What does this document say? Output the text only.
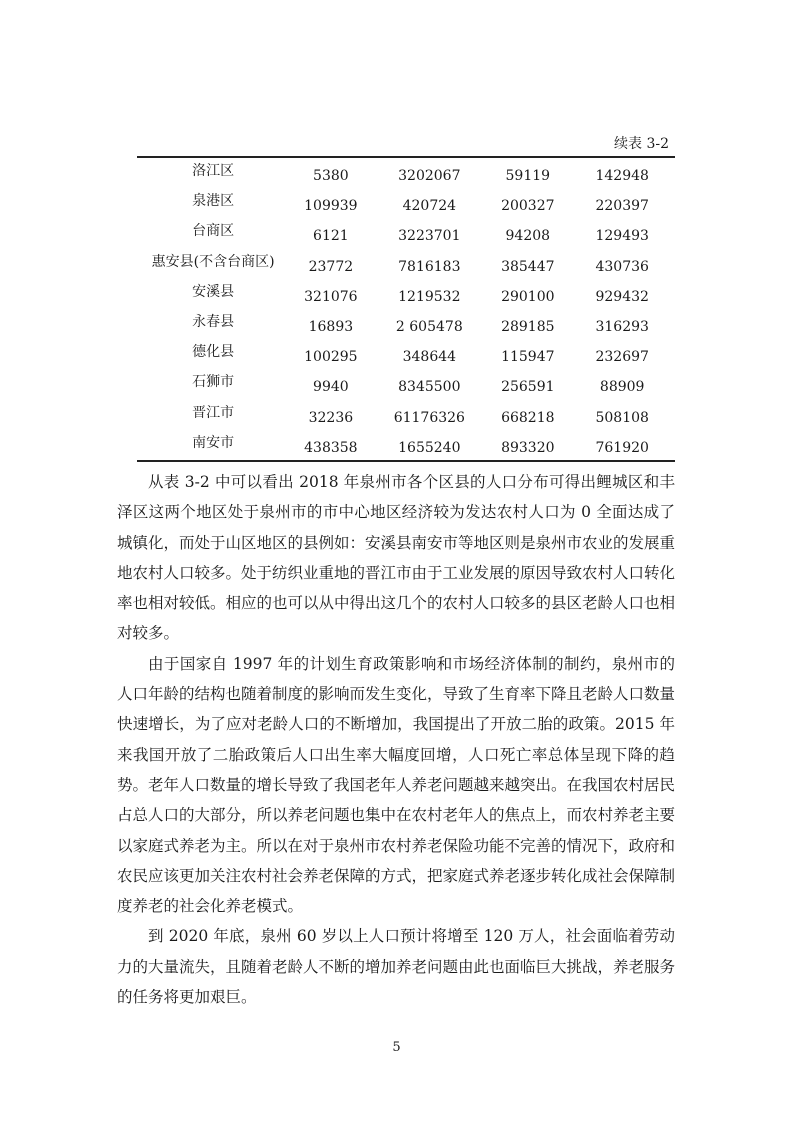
续表 3-2
洛江区	5380	3202067	59119	142948
泉港区	109939	420724	200327	220397
台商区	6121	3223701	94208	129493
惠安县(不含台商区)	23772	7816183	385447	430736
安溪县	321076	1219532	290100	929432
永春县	16893	2 605478	289185	316293
德化县	100295	348644	115947	232697
石狮市	9940	8345500	256591	88909
晋江市	32236	61176326	668218	508108
南安市	438358	1655240	893320	761920

从表 3-2 中可以看出 2018 年泉州市各个区县的人口分布可得出鲤城区和丰泽区这两个地区处于泉州市的市中心地区经济较为发达农村人口为 0 全面达成了城镇化，而处于山区地区的县例如：安溪县南安市等地区则是泉州市农业的发展重地农村人口较多。处于纺织业重地的晋江市由于工业发展的原因导致农村人口转化率也相对较低。相应的也可以从中得出这几个的农村人口较多的县区老龄人口也相对较多。

由于国家自 1997 年的计划生育政策影响和市场经济体制的制约，泉州市的人口年龄的结构也随着制度的影响而发生变化，导致了生育率下降且老龄人口数量快速增长，为了应对老龄人口的不断增加，我国提出了开放二胎的政策。2015 年来我国开放了二胎政策后人口出生率大幅度回增，人口死亡率总体呈现下降的趋势。老年人口数量的增长导致了我国老年人养老问题越来越突出。在我国农村居民占总人口的大部分，所以养老问题也集中在农村老年人的焦点上，而农村养老主要以家庭式养老为主。所以在对于泉州市农村养老保险功能不完善的情况下，政府和农民应该更加关注农村社会养老保障的方式，把家庭式养老逐步转化成社会保障制度养老的社会化养老模式。

到 2020 年底，泉州 60 岁以上人口预计将增至 120 万人，社会面临着劳动力的大量流失，且随着老龄人不断的增加养老问题由此也面临巨大挑战，养老服务的任务将更加艰巨。

5
